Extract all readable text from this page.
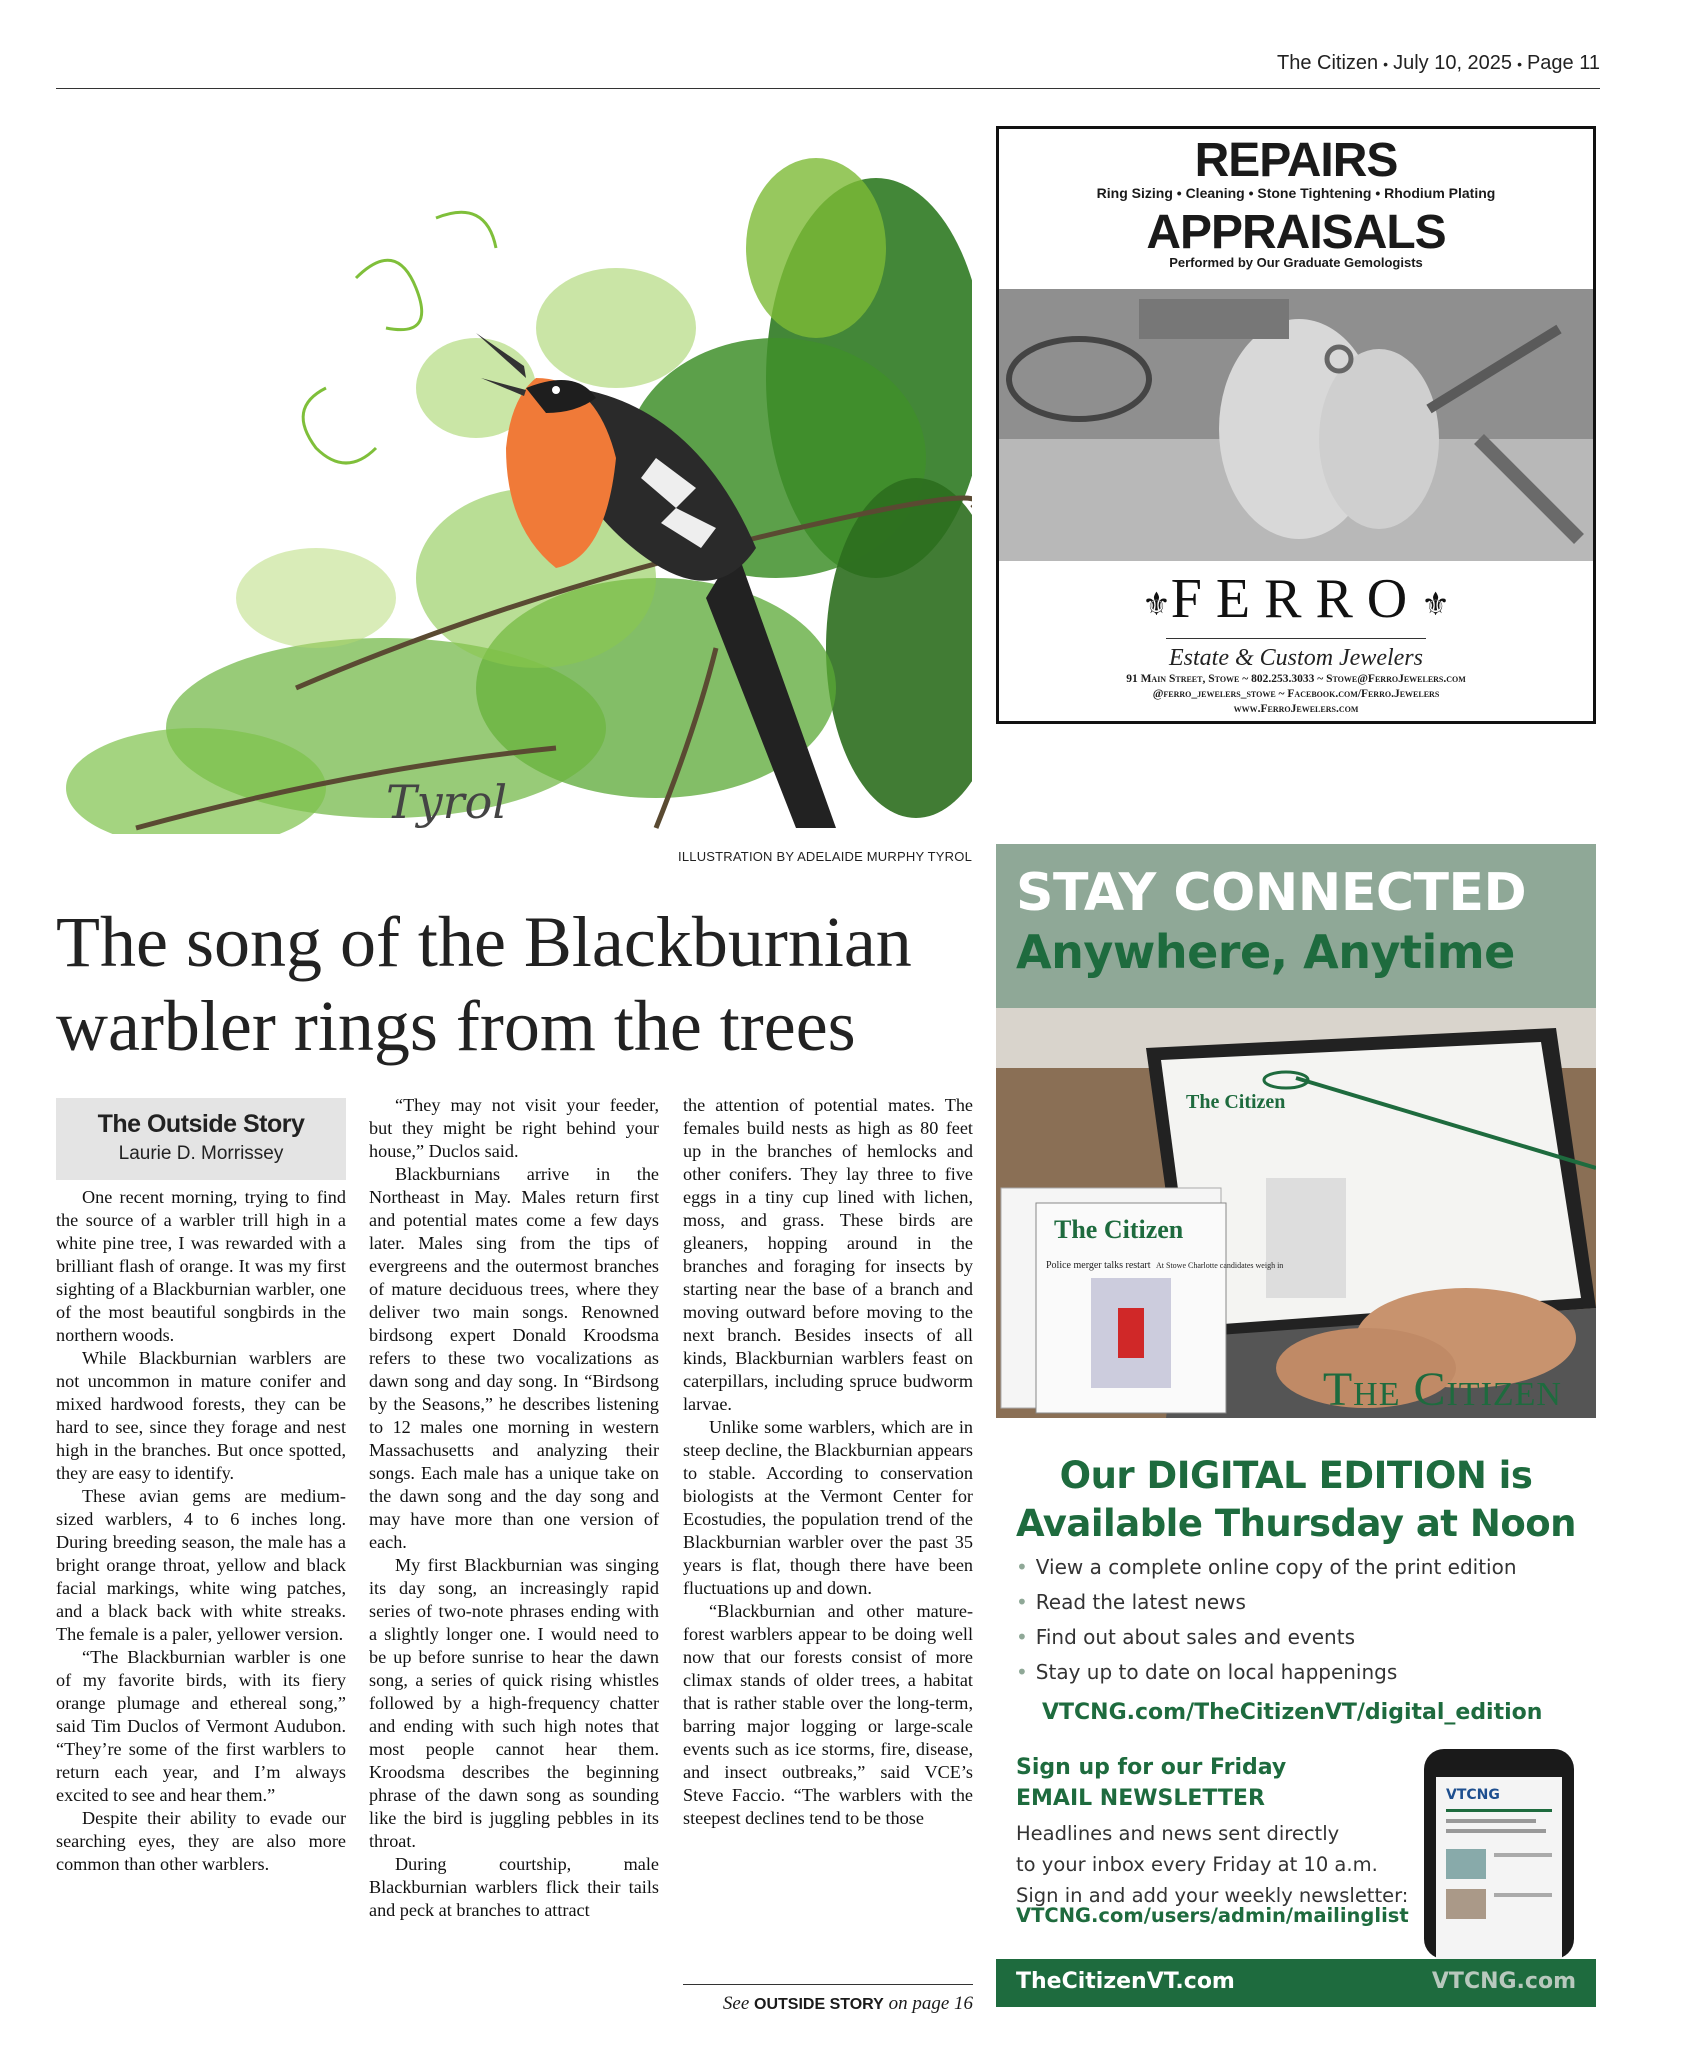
The Citizen • July 10, 2025 • Page 11
Tyrol
ILLUSTRATION BY ADELAIDE MURPHY TYROL
The song of the Blackburnian warbler rings from the trees
The Outside Story
Laurie D. Morrissey

One recent morning, trying to find the source of a warbler trill high in a white pine tree, I was rewarded with a brilliant flash of orange. It was my first sighting of a Blackburnian warbler, one of the most beautiful songbirds in the northern woods.

While Blackburnian warblers are not uncommon in mature conifer and mixed hardwood forests, they can be hard to see, since they forage and nest high in the branches. But once spotted, they are easy to identify.

These avian gems are medium-sized warblers, 4 to 6 inches long. During breeding season, the male has a bright orange throat, yellow and black facial markings, white wing patches, and a black back with white streaks. The female is a paler, yellower version.

“The Blackburnian warbler is one of my favorite birds, with its fiery orange plumage and ethereal song,” said Tim Duclos of Vermont Audubon. “They’re some of the first warblers to return each year, and I’m always excited to see and hear them.”

Despite their ability to evade our searching eyes, they are also more common than other warblers.

“They may not visit your feeder, but they might be right behind your house,” Duclos said.

Blackburnians arrive in the Northeast in May. Males return first and potential mates come a few days later. Males sing from the tips of evergreens and the outermost branches of mature deciduous trees, where they deliver two main songs. Renowned birdsong expert Donald Kroodsma refers to these two vocalizations as dawn song and day song. In “Birdsong by the Seasons,” he describes listening to 12 males one morning in western Massachusetts and analyzing their songs. Each male has a unique take on the dawn song and the day song and may have more than one version of each.

My first Blackburnian was singing its day song, an increasingly rapid series of two-note phrases ending with a slightly longer one. I would need to be up before sunrise to hear the dawn song, a series of quick rising whistles followed by a high-frequency chatter and ending with such high notes that most people cannot hear them. Kroodsma describes the beginning phrase of the dawn song as sounding like the bird is juggling pebbles in its throat.

During courtship, male Blackburnian warblers flick their tails and peck at branches to attract

the attention of potential mates. The females build nests as high as 80 feet up in the branches of hemlocks and other conifers. They lay three to five eggs in a tiny cup lined with lichen, moss, and grass. These birds are gleaners, hopping around in the branches and foraging for insects by starting near the base of a branch and moving outward before moving to the next branch. Besides insects of all kinds, Blackburnian warblers feast on caterpillars, including spruce budworm larvae.

Unlike some warblers, which are in steep decline, the Blackburnian appears to stable. According to conservation biologists at the Vermont Center for Ecostudies, the population trend of the Blackburnian warbler over the past 35 years is flat, though there have been fluctuations up and down.

“Blackburnian and other mature-forest warblers appear to be doing well now that our forests consist of more climax stands of older trees, a habitat that is rather stable over the long-term, barring major logging or large-scale events such as ice storms, fire, disease, and insect outbreaks,” said VCE’s Steve Faccio. “The warblers with the steepest declines tend to be those

See OUTSIDE STORY on page 16
REPAIRS
Ring Sizing • Cleaning • Stone Tightening • Rhodium Plating
APPRAISALS
Performed by Our Graduate Gemologists
⚜FERRO⚜
Estate & Custom Jewelers
91 Main Street, Stowe ~ 802.253.3033 ~ Stowe@FerroJewelers.com
@ferro_jewelers_stowe ~ Facebook.com/Ferro.Jewelers
www.FerroJewelers.com
STAY CONNECTED
Anywhere, Anytime
The Citizen
The Citizen
Police merger talks restart At Stowe Charlotte candidates weigh in
The Citizen
Our DIGITAL EDITION is
Available Thursday at Noon
• View a complete online copy of the print edition
• Read the latest news
• Find out about sales and events
• Stay up to date on local happenings
VTCNG.com/TheCitizenVT/digital_edition
Sign up for our Friday
EMAIL NEWSLETTER
Headlines and news sent directly
to your inbox every Friday at 10 a.m.
Sign in and add your weekly newsletter:
VTCNG.com/users/admin/mailinglist
VTCNG
TheCitizenVT.com	VTCNG.com
